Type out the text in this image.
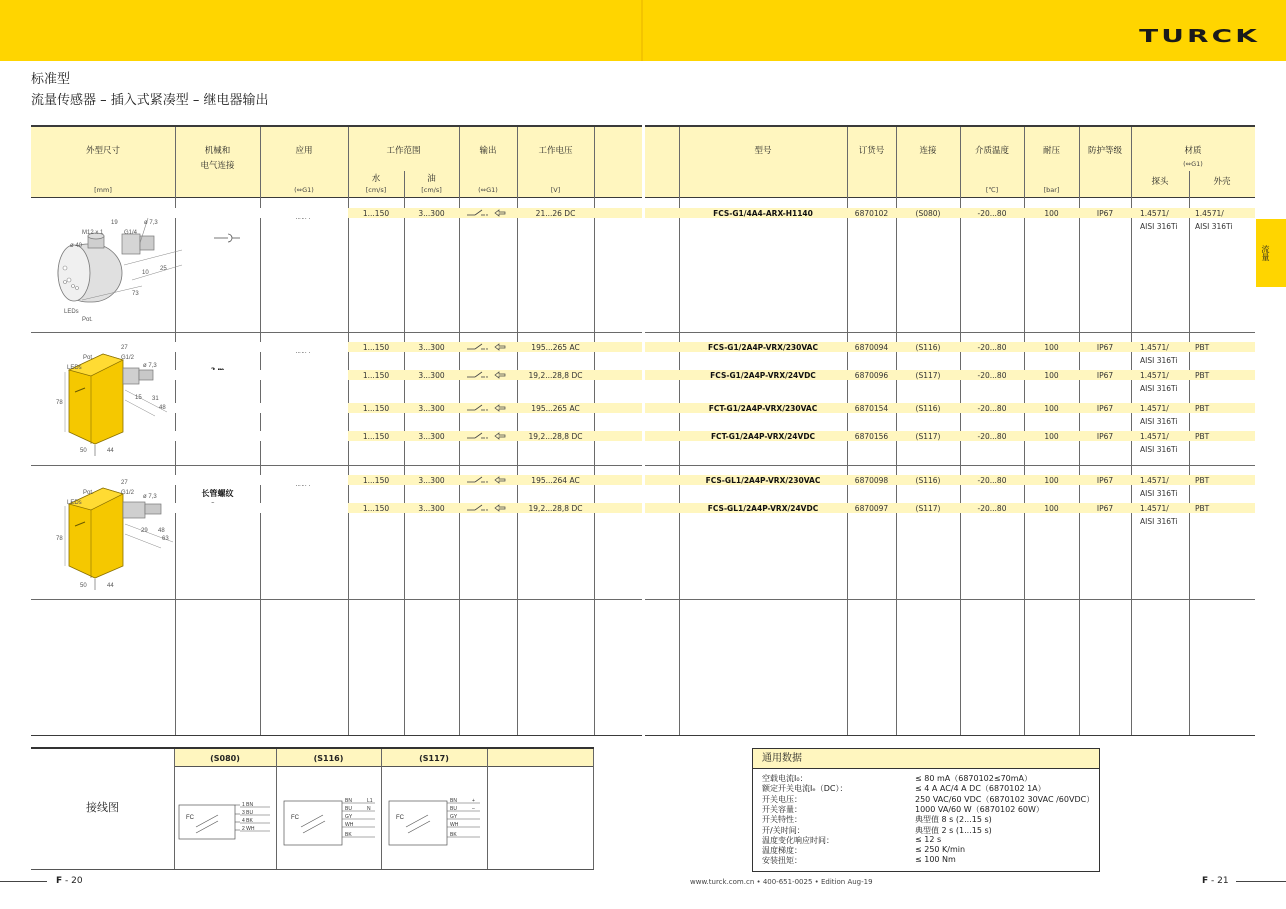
TURCK
标准型
流量传感器 – 插入式紧凑型 – 继电器输出
流量
外型尺寸
[mm]
机械和
电气连接
应用
(⇔G1)
工作范围
水	油
[cm/s]	[cm/s]
输出
(⇔G1)
工作电压
[V]
型号	订货号	连接	介质温度
[℃]
耐压
[bar]
防护等级	材质
(⇔G1)
探头	外壳
1...150	3...300	21...26 DC	FCS-G1/4A4-ARX-H1140	6870102	(S080)	-20...80	100	IP67	1.4571/	1.4571/
AISI 316Ti	AISI 316Ti
1...150	3...300	195...265 AC	FCS-G1/2A4P-VRX/230VAC	6870094	(S116)	-20...80	100	IP67	1.4571/	PBT
AISI 316Ti
1...150	3...300	19,2...28,8 DC	FCS-G1/2A4P-VRX/24VDC	6870096	(S117)	-20...80	100	IP67	1.4571/	PBT
AISI 316Ti
1...150	3...300	195...265 AC	FCT-G1/2A4P-VRX/230VAC	6870154	(S116)	-20...80	100	IP67	1.4571/	PBT
AISI 316Ti
1...150	3...300	19,2...28,8 DC	FCT-G1/2A4P-VRX/24VDC	6870156	(S117)	-20...80	100	IP67	1.4571/	PBT
AISI 316Ti
长管螺纹
1...150	3...300	195...264 AC	FCS-GL1/2A4P-VRX/230VAC	6870098	(S116)	-20...80	100	IP67	1.4571/	PBT
AISI 316Ti
1...150	3...300	19,2...28,8 DC	FCS-GL1/2A4P-VRX/24VDC	6870097	(S117)	-20...80	100	IP67	1.4571/	PBT
AISI 316Ti
19	ø 7,3
M12 x 1	G1/4
ø 40
10
25
73
LEDs
Pot.
27
Pot.	G1/2
LEDs	ø 7,3
15 31
78
48
50	44
27
Pot.	G1/2
LEDs
ø 7,3
29 48
78	63
50	44
(S080)	(S116)	(S117)
接线图
FC
1 BN
3 BU
4 BK
2 WH
FC
BN
BU
GY
WH
BK
L1
N
FC
BN
BU
GY
WH
BK
+
–
通用数据
空载电流I₀：	≤ 80 mA（6870102≤70mA）
额定开关电流Iₑ（DC）：	≤ 4 A AC/4 A DC（6870102 1A）
开关电压：	250 VAC/60 VDC（6870102 30VAC /60VDC）
开关容量：	1000 VA/60 W（6870102 60W）
开关特性：	典型值 8 s (2...15 s)
开/关时间：	典型值 2 s (1...15 s)
温度变化响应时间：	≤ 12 s
温度梯度：	≤ 250 K/min
安装扭矩：	≤ 100 Nm
F - 20	F - 21
www.turck.com.cn • 400-651-0025 • Edition Aug-19
